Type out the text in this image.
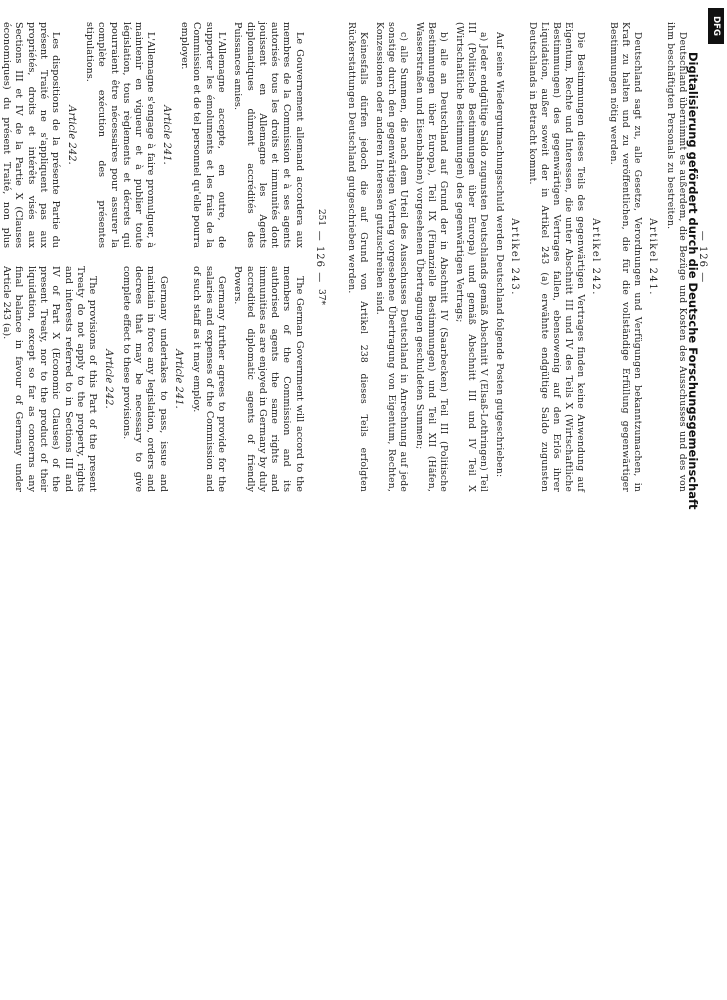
— 126 —

Le Gouvernement allemand accordera aux membres de la Commission et à ses agents autorisés tous les droits et immunités dont jouissent en Allemagne les Agents diplomatiques dûment accrédités des Puissances amies.

L'Allemagne accepte, en outre, de supporter les émoluments et les frais de la Commission et de tel personnel qu'elle pourra employer.

Article 241.

L'Allemagne s'engage à faire promulguer, à maintenir en vigueur et à publier toute législation, tous règlements et décrets qui pourraient être nécessaires pour assurer la complète exécution des présentes stipulations.

Article 242.

Les dispositions de la présente Partie du présent Traité ne s'appliquent pas aux propriétés, droits et intérêts visés aux Sections III et IV de la Partie X (Clauses économiques) du présent Traité, non plus

The German Government will accord to the members of the Commission and its authorised agents the same rights and immunities as are enjoyed in Germany by duly accredited diplomatic agents of friendly Powers.

Germany further agrees to provide for the salaries and expenses of the Commission and of such staff as it may employ.

Article 241.

Germany undertakes to pass, issue and maintain in force any legislation, orders and decrees that may be necessary to give complete effect to these provisions.

Article 242.

The provisions of this Part of the present Treaty do not apply to the property, rights and interests referred to in Sections III and IV of Part X (Economic Clauses) of the present Treaty, nor to the product of their liquidation, except so far as concerns any final balance in favour of Germany under Article 243 (a).

— 126 —

Deutschland übernimmt es außerdem, die Bezüge und Kosten des Ausschusses und des von ihm beschäftigten Personals zu bestreiten.

Artikel 241.

Deutschland sagt zu, alle Gesetze, Verordnungen und Verfügungen bekanntzumachen, in Kraft zu halten und zu veröffentlichen, die für die vollständige Erfüllung gegenwärtiger Bestimmungen nötig werden.

Artikel 242.

Die Bestimmungen dieses Teils des gegenwärtigen Vertrages finden keine Anwendung auf Eigentum, Rechte und Interessen, die unter Abschnitt III und IV des Teils X (Wirtschaftliche Bestimmungen) des gegenwärtigen Vertrages fallen, ebensowenig auf den Erlös ihrer Liquidation, außer soweit der in Artikel 243 (a) erwähnte endgültige Saldo zugunsten Deutschlands in Betracht kommt.

Artikel 243.

Auf seine Wiedergutmachungsschuld werden Deutschland folgende Posten gutgeschrieben:

a) Jeder endgültige Saldo zugunsten Deutschlands gemäß Abschnitt V (Elsaß-Lothringen) Teil III (Politische Bestimmungen über Europa) und gemäß Abschnitt III und IV Teil X (Wirtschaftliche Bestimmungen) des gegenwärtigen Vertrags;

b) alle an Deutschland auf Grund der in Abschnitt IV (Saarbecken) Teil III (Politische Bestimmungen über Europa), Teil IX (Finanzielle Bestimmungen) und Teil XII (Häfen, Wasserstraßen und Eisenbahnen) vorgesehenen Übertragungen geschuldeten Summen;

c) alle Summen, die nach dem Urteil des Ausschusses Deutschland in Anrechnung auf jede sonstige durch den gegenwärtigen Vertrag vorgesehene Übertragung von Eigentum, Rechten, Konzessionen oder anderen Interessen gutzuschreiben sind.

Keinesfalls dürfen jedoch die auf Grund von Artikel 238 dieses Teils erfolgten Rückerstattungen Deutschland gutgeschrieben werden.

251 37*
DFG
Digitalisierung gefördert durch die Deutsche Forschungsgemeinschaft
